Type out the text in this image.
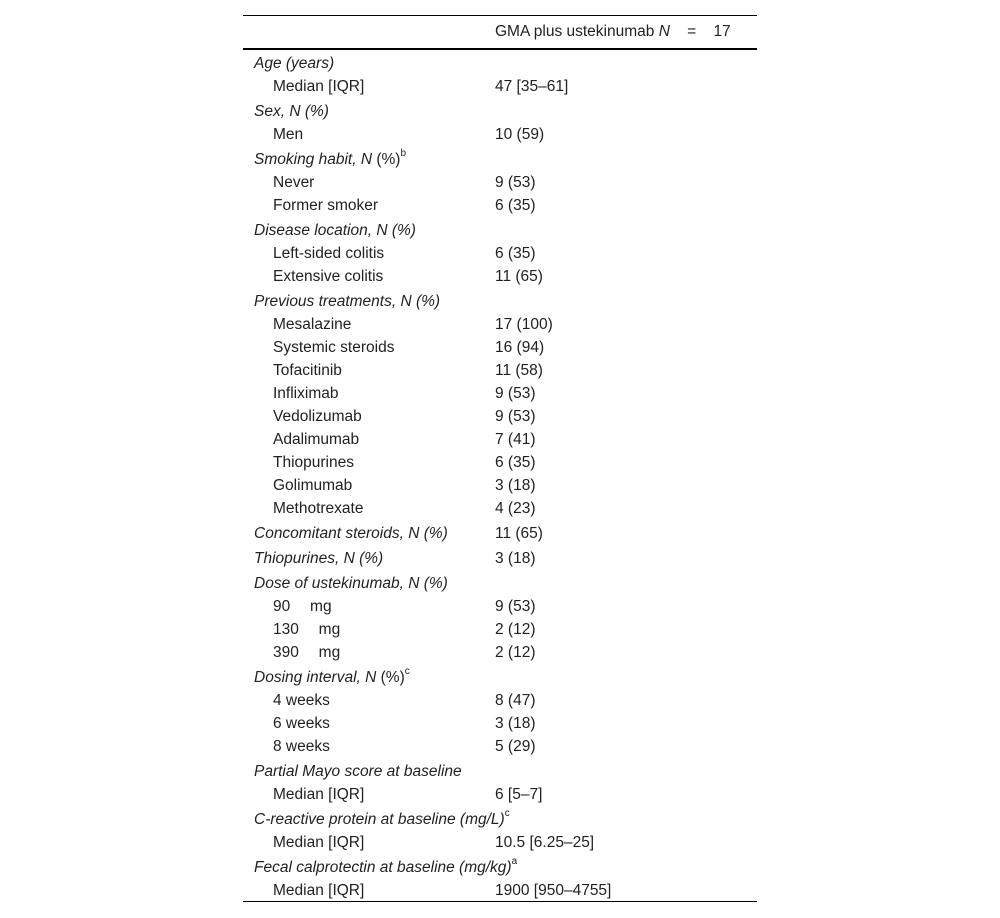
GMA plus ustekinumab N = 17
Age (years)
Median [IQR]	47 [35–61]
Sex, N (%)
Men	10 (59)
Smoking habit, N (%)$^b$
Never	9 (53)
Former smoker	6 (35)
Disease location, N (%)
Left-sided colitis	6 (35)
Extensive colitis	11 (65)
Previous treatments, N (%)
Mesalazine	17 (100)
Systemic steroids	16 (94)
Tofacitinib	11 (58)
Infliximab	9 (53)
Vedolizumab	9 (53)
Adalimumab	7 (41)
Thiopurines	6 (35)
Golimumab	3 (18)
Methotrexate	4 (23)
Concomitant steroids, N (%)	11 (65)
Thiopurines, N (%)	3 (18)
Dose of ustekinumab, N (%)
90  mg	9 (53)
130  mg	2 (12)
390  mg	2 (12)
Dosing interval, N (%)$^c$
4 weeks	8 (47)
6 weeks	3 (18)
8 weeks	5 (29)
Partial Mayo score at baseline
Median [IQR]	6 [5–7]
C-reactive protein at baseline $(mg/L)^c$
Median [IQR]	10.5 [6.25–25]
Fecal calprotectin at baseline $(mg/kg)^a$
Median [IQR]	1900 [950–4755]
